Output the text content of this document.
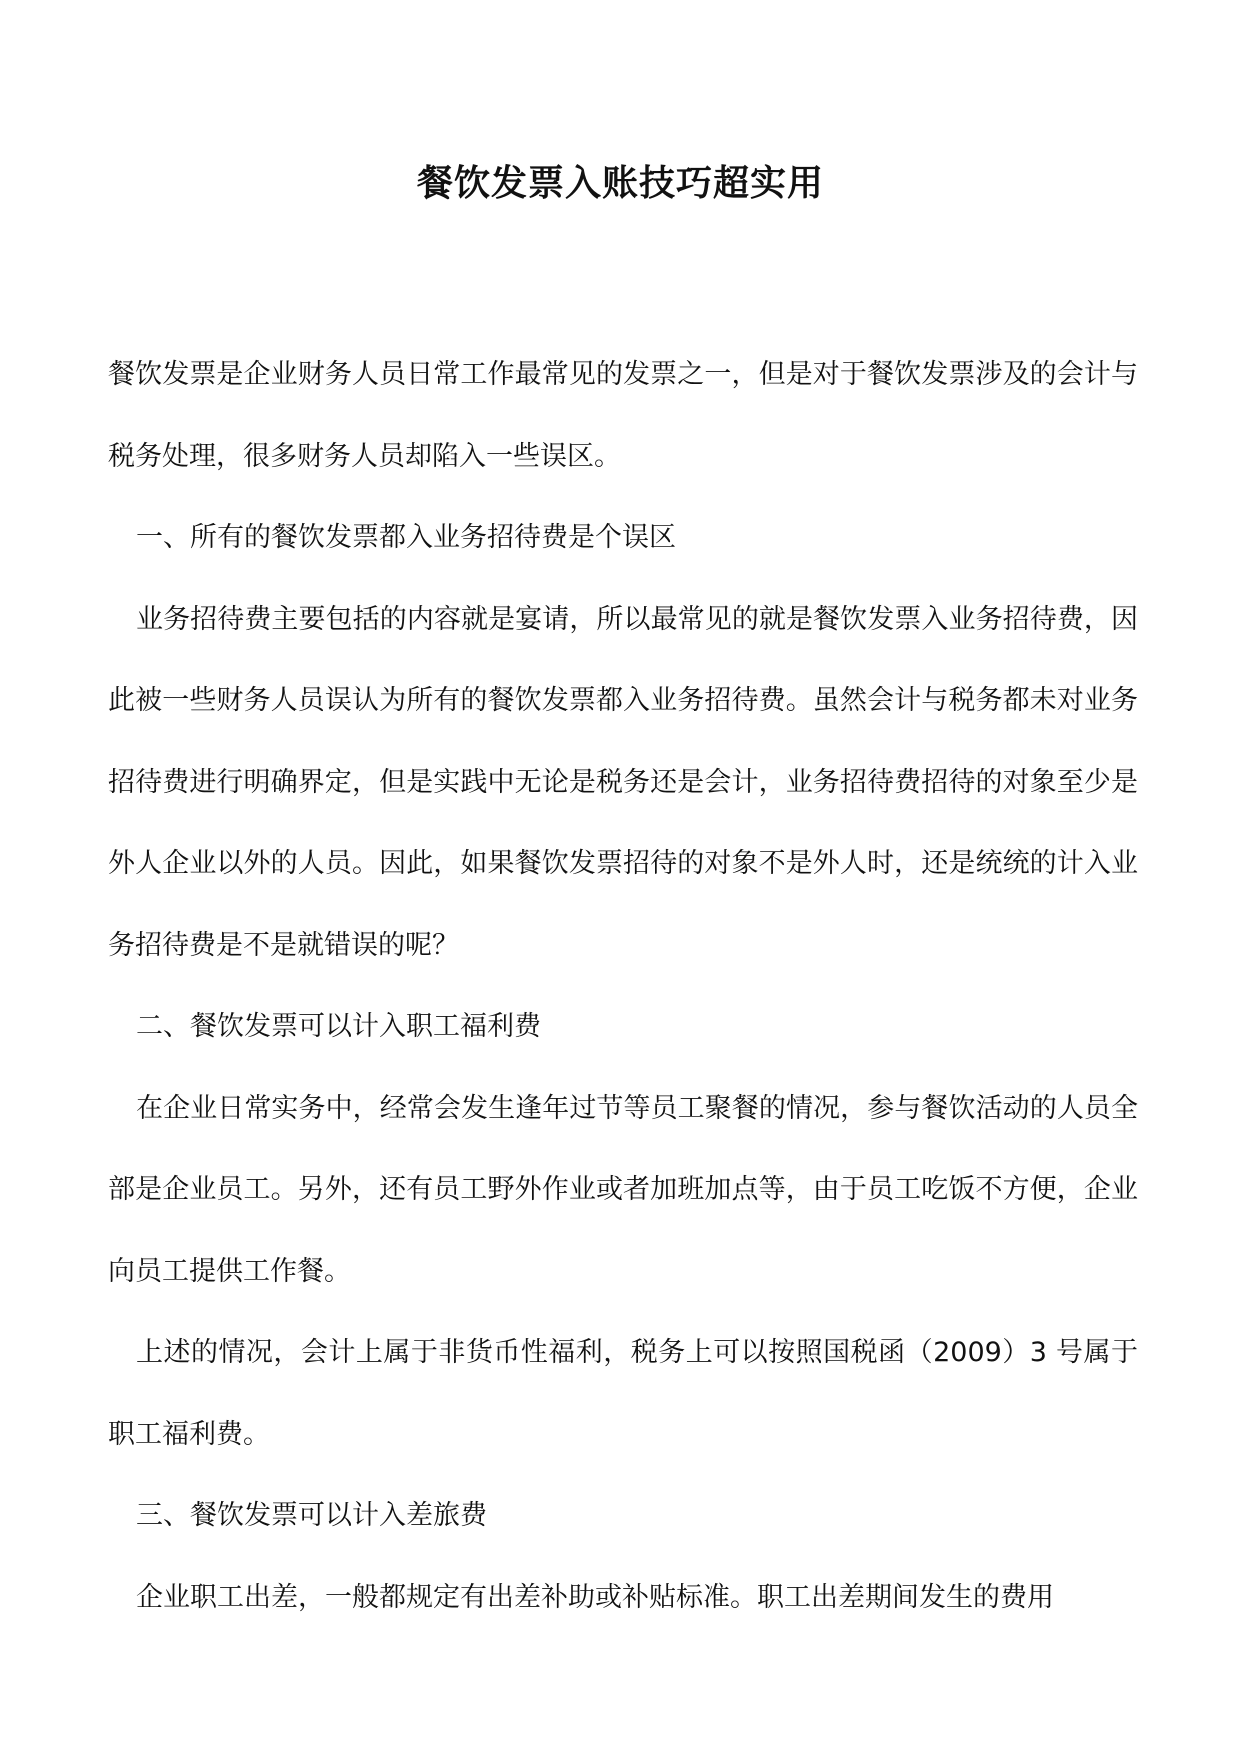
餐饮发票入账技巧超实用

餐饮发票是企业财务人员日常工作最常见的发票之一，但是对于餐饮发票涉及的会计与税务处理，很多财务人员却陷入一些误区。

一、所有的餐饮发票都入业务招待费是个误区

业务招待费主要包括的内容就是宴请，所以最常见的就是餐饮发票入业务招待费，因此被一些财务人员误认为所有的餐饮发票都入业务招待费。虽然会计与税务都未对业务招待费进行明确界定，但是实践中无论是税务还是会计，业务招待费招待的对象至少是外人企业以外的人员。因此，如果餐饮发票招待的对象不是外人时，还是统统的计入业务招待费是不是就错误的呢？

二、餐饮发票可以计入职工福利费

在企业日常实务中，经常会发生逢年过节等员工聚餐的情况，参与餐饮活动的人员全部是企业员工。另外，还有员工野外作业或者加班加点等，由于员工吃饭不方便，企业向员工提供工作餐。

上述的情况，会计上属于非货币性福利，税务上可以按照国税函（2009）3 号属于职工福利费。

三、餐饮发票可以计入差旅费

企业职工出差，一般都规定有出差补助或补贴标准。职工出差期间发生的费用
